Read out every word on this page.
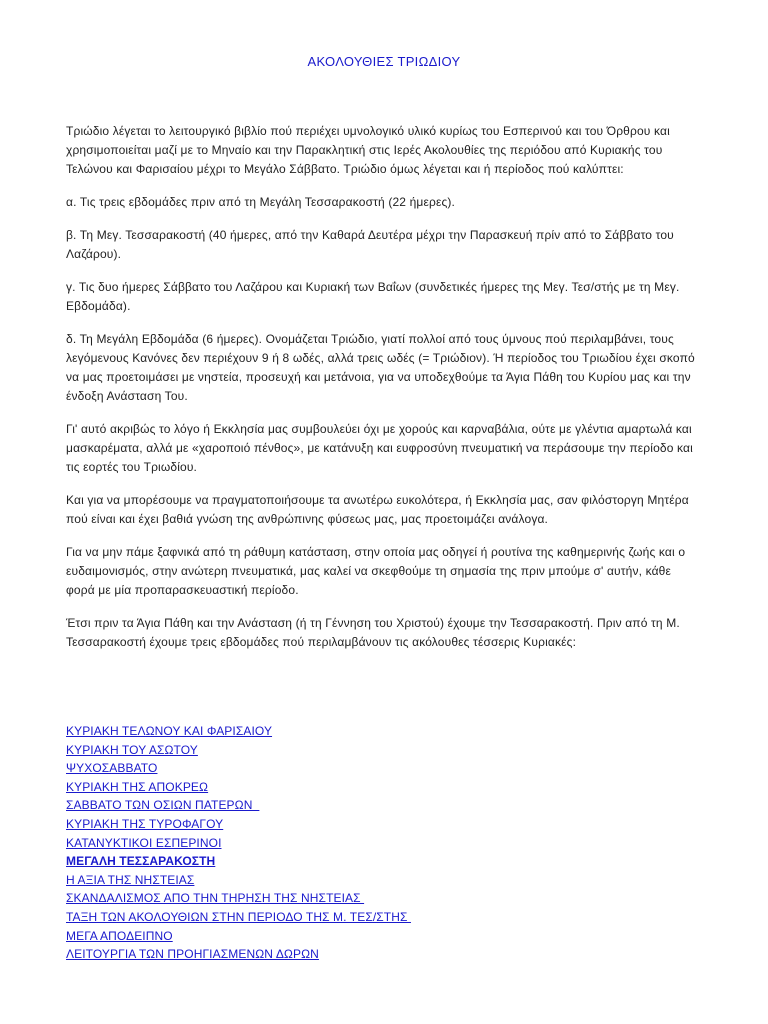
ΑΚΟΛΟΥΘΙΕΣ ΤΡΙΩΔΙΟΥ

Τριώδιο λέγεται το λειτουργικό βιβλίο πού περιέχει υμνολογικό υλικό κυρίως του Εσπερινού και του Όρθρου και χρησιμοποιείται μαζί με το Μηναίο και την Παρακλητική στις Ιερές Ακολουθίες της περιόδου από Κυριακής του Τελώνου και Φαρισαίου μέχρι το Μεγάλο Σάββατο. Τριώδιο όμως λέγεται και ή περίοδος πού καλύπτει:

α. Τις τρεις εβδομάδες πριν από τη Μεγάλη Τεσσαρακοστή (22 ήμερες).

β. Τη Μεγ. Τεσσαρακοστή (40 ήμερες, από την Καθαρά Δευτέρα μέχρι την Παρασκευή πρίν από το Σάββατο του Λαζάρου).

γ. Τις δυο ήμερες Σάββατο του Λαζάρου και Κυριακή των Βαΐων (συνδετικές ήμερες της Μεγ. Τεσ/στής με τη Μεγ. Εβδομάδα).

δ. Τη Μεγάλη Εβδομάδα (6 ήμερες). Ονομάζεται Τριώδιο, γιατί πολλοί από τους ύμνους πού περιλαμβάνει, τους λεγόμενους Κανόνες δεν περιέχουν 9 ή 8 ωδές, αλλά τρεις ωδές (= Τριώδιον). Ή περίοδος του Τριωδίου έχει σκοπό να μας προετοιμάσει με νηστεία, προσευχή και μετάνοια, για να υποδεχθούμε τα Άγια Πάθη του Κυρίου μας και την ένδοξη Ανάσταση Του.

Γι' αυτό ακριβώς το λόγο ή Εκκλησία μας συμβουλεύει όχι με χορούς και καρναβάλια, ούτε με γλέντια αμαρτωλά και μασκαρέματα, αλλά με «χαροποιό πένθος», με κατάνυξη και ευφροσύνη πνευματική να περάσουμε την περίοδο και τις εορτές του Τριωδίου.

Και για να μπορέσουμε να πραγματοποιήσουμε τα ανωτέρω ευκολότερα, ή Εκκλησία μας, σαν φιλόστοργη Μητέρα πού είναι και έχει βαθιά γνώση της ανθρώπινης φύσεως μας, μας προετοιμάζει ανάλογα.

Για να μην πάμε ξαφνικά από τη ράθυμη κατάσταση, στην οποία μας οδηγεί ή ρουτίνα της καθημερινής ζωής και ο ευδαιμονισμός, στην ανώτερη πνευματικά, μας καλεί να σκεφθούμε τη σημασία της πριν μπούμε σ' αυτήν, κάθε φορά με μία προπαρασκευαστική περίοδο.

Έτσι πριν τα Άγια Πάθη και την Ανάσταση (ή τη Γέννηση του Χριστού) έχουμε την Τεσσαρακοστή. Πριν από τη Μ. Τεσσαρακοστή έχουμε τρεις εβδομάδες πού περιλαμβάνουν τις ακόλουθες τέσσερις Κυριακές:

ΚΥΡΙΑΚΗ ΤΕΛΩΝΟΥ ΚΑΙ ΦΑΡΙΣΑΙΟΥ
ΚΥΡΙΑΚΗ ΤΟΥ ΑΣΩΤΟΥ
ΨΥΧΟΣΑΒΒΑΤΟ
ΚΥΡΙΑΚΗ ΤΗΣ ΑΠΟΚΡΕΩ
ΣΑΒΒΑΤΟ ΤΩΝ ΟΣΙΩΝ ΠΑΤΕΡΩΝ
ΚΥΡΙΑΚΗ ΤΗΣ ΤΥΡΟΦΑΓΟΥ
ΚΑΤΑΝΥΚΤΙΚΟΙ ΕΣΠΕΡΙΝΟΙ
ΜΕΓΑΛΗ ΤΕΣΣΑΡΑΚΟΣΤΗ
Η ΑΞΙΑ ΤΗΣ ΝΗΣΤΕΙΑΣ
ΣΚΑΝΔΑΛΙΣΜΟΣ ΑΠΟ ΤΗΝ ΤΗΡΗΣΗ ΤΗΣ ΝΗΣΤΕΙΑΣ
ΤΑΞΗ ΤΩΝ ΑΚΟΛΟΥΘΙΩΝ ΣΤΗΝ ΠΕΡΙΟΔΟ ΤΗΣ Μ. ΤΕΣ/ΣΤΗΣ
ΜΕΓΑ ΑΠΟΔΕΙΠΝΟ
ΛΕΙΤΟΥΡΓΙΑ ΤΩΝ ΠΡΟΗΓΙΑΣΜΕΝΩΝ ΔΩΡΩΝ
